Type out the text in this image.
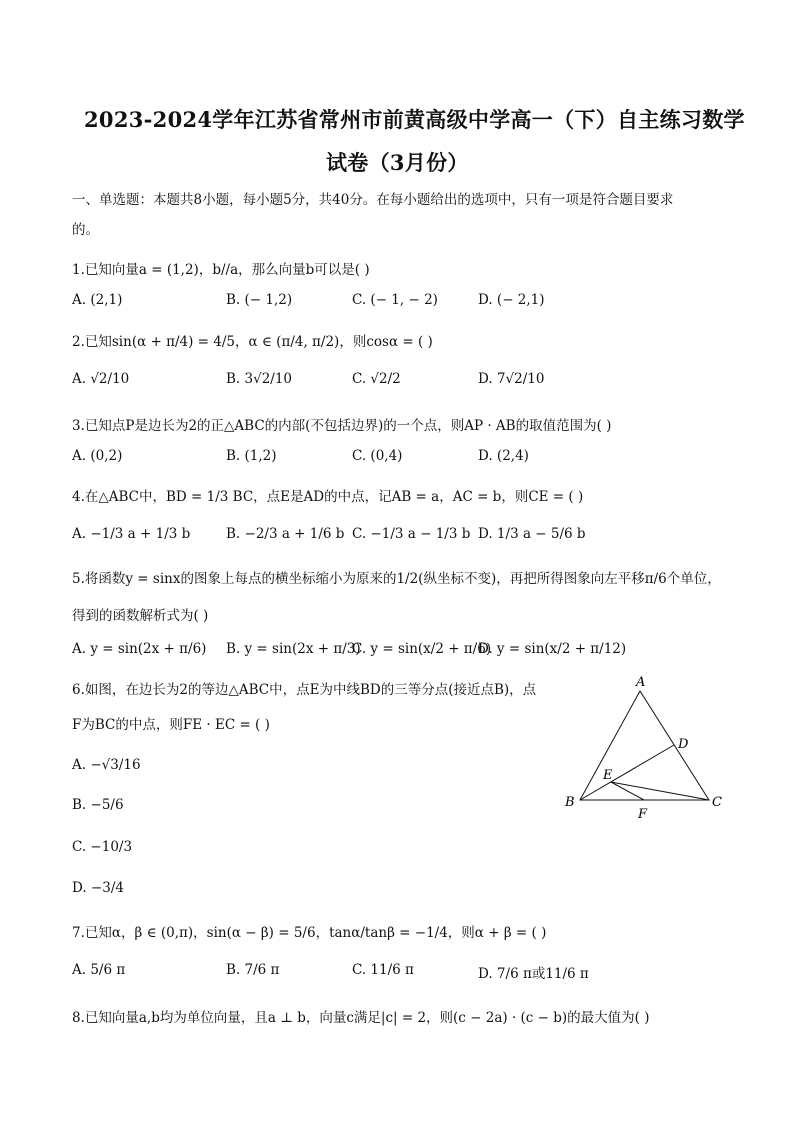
2023-2024学年江苏省常州市前黄高级中学高一（下）自主练习数学
试卷（3月份）
一、单选题：本题共8小题，每小题5分，共40分。在每小题给出的选项中，只有一项是符合题目要求
的。
1.已知向量a = (1,2)，b//a，那么向量b可以是( )
A. (2,1)	B. (− 1,2)	C. (− 1, − 2)	D. (− 2,1)
2.已知sin(α + π/4) = 4/5，α ∈ (π/4, π/2)，则cosα = ( )
A. √2/10	B. 3√2/10	C. √2/2	D. 7√2/10
3.已知点P是边长为2的正△ABC的内部(不包括边界)的一个点，则AP · AB的取值范围为( )
A. (0,2)	B. (1,2)	C. (0,4)	D. (2,4)
4.在△ABC中，BD = 1/3 BC，点E是AD的中点，记AB = a，AC = b，则CE = ( )
A. −1/3 a + 1/3 b	B. −2/3 a + 1/6 b C. −1/3 a − 1/3 b D. 1/3 a − 5/6 b
5.将函数y = sinx的图象上每点的横坐标缩小为原来的1/2(纵坐标不变)，再把所得图象向左平移π/6个单位，
得到的函数解析式为( )
A. y = sin(2x + π/6) B. y = sin(2x + π/3)
C. y = sin(x/2 + π/6)
D. y = sin(x/2 + π/12)
6.如图，在边长为2的等边△ABC中，点E为中线BD的三等分点(接近点B)，点
F为BC的中点，则FE · EC = ( )
A. −√3/16
B. −5/6
C. −10/3
D. −3/4
A
D
E
B
F
C
7.已知α，β ∈ (0,π)，sin(α − β) = 5/6，tanα/tanβ = −1/4，则α + β = ( )
A. 5/6 π	B. 7/6 π	C. 11/6 π	D. 7/6 π或11/6 π
8.已知向量a,b均为单位向量，且a ⊥ b，向量c满足|c| = 2，则(c − 2a) · (c − b)的最大值为( )
